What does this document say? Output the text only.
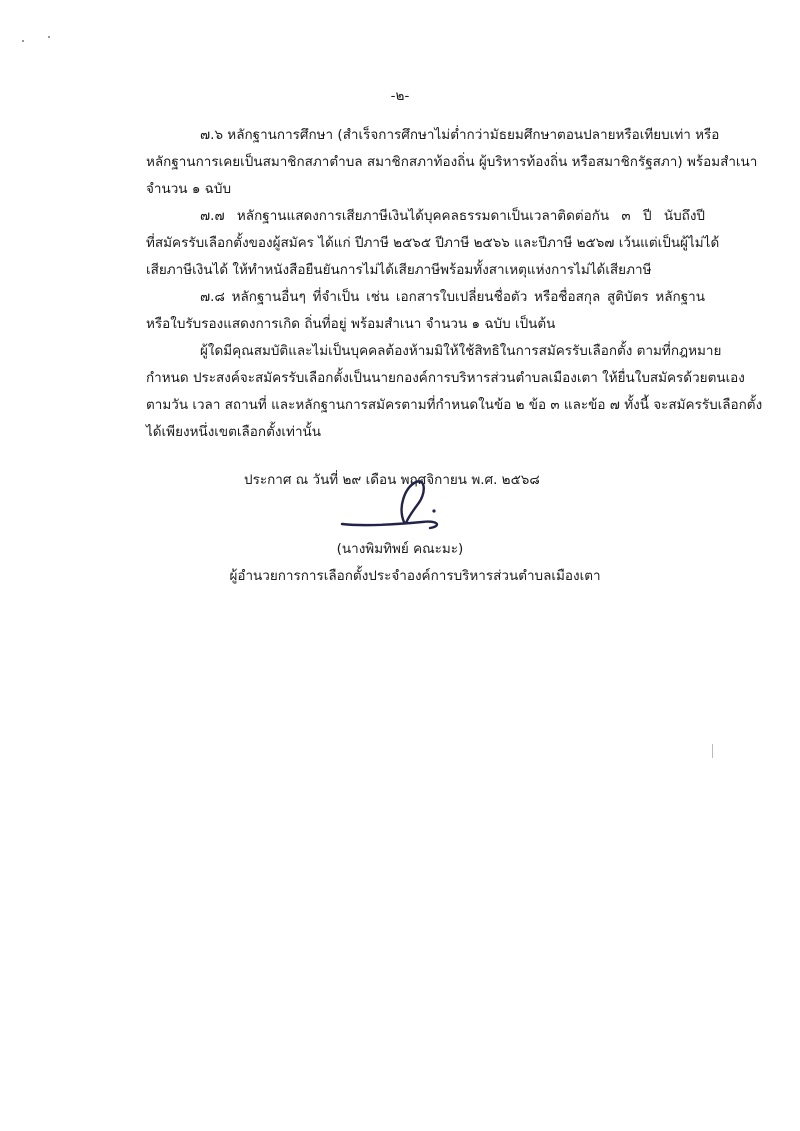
-๒-
๗.๖ หลักฐานการศึกษา (สำเร็จการศึกษาไม่ต่ำกว่ามัธยมศึกษาตอนปลายหรือเทียบเท่า หรือ
หลักฐานการเคยเป็นสมาชิกสภาตำบล สมาชิกสภาท้องถิ่น ผู้บริหารท้องถิ่น หรือสมาชิกรัฐสภา) พร้อมสำเนา
จำนวน ๑ ฉบับ
๗.๗ หลักฐานแสดงการเสียภาษีเงินได้บุคคลธรรมดาเป็นเวลาติดต่อกัน ๓ ปี นับถึงปี
ที่สมัครรับเลือกตั้งของผู้สมัคร ได้แก่ ปีภาษี ๒๕๖๕ ปีภาษี ๒๕๖๖ และปีภาษี ๒๕๖๗ เว้นแต่เป็นผู้ไม่ได้
เสียภาษีเงินได้ ให้ทำหนังสือยืนยันการไม่ได้เสียภาษีพร้อมทั้งสาเหตุแห่งการไม่ได้เสียภาษี
๗.๘ หลักฐานอื่นๆ ที่จำเป็น เช่น เอกสารใบเปลี่ยนชื่อตัว หรือชื่อสกุล สูติบัตร หลักฐาน
หรือใบรับรองแสดงการเกิด ถิ่นที่อยู่ พร้อมสำเนา จำนวน ๑ ฉบับ เป็นต้น
ผู้ใดมีคุณสมบัติและไม่เป็นบุคคลต้องห้ามมิให้ใช้สิทธิในการสมัครรับเลือกตั้ง ตามที่กฎหมาย
กำหนด ประสงค์จะสมัครรับเลือกตั้งเป็นนายกองค์การบริหารส่วนตำบลเมืองเตา ให้ยื่นใบสมัครด้วยตนเอง
ตามวัน เวลา สถานที่ และหลักฐานการสมัครตามที่กำหนดในข้อ ๒ ข้อ ๓ และข้อ ๗ ทั้งนี้ จะสมัครรับเลือกตั้ง
ได้เพียงหนึ่งเขตเลือกตั้งเท่านั้น
ประกาศ ณ วันที่ ๒๙ เดือน พฤศจิกายน พ.ศ. ๒๕๖๘
(นางพิมทิพย์ คณะมะ)
ผู้อำนวยการการเลือกตั้งประจำองค์การบริหารส่วนตำบลเมืองเตา
